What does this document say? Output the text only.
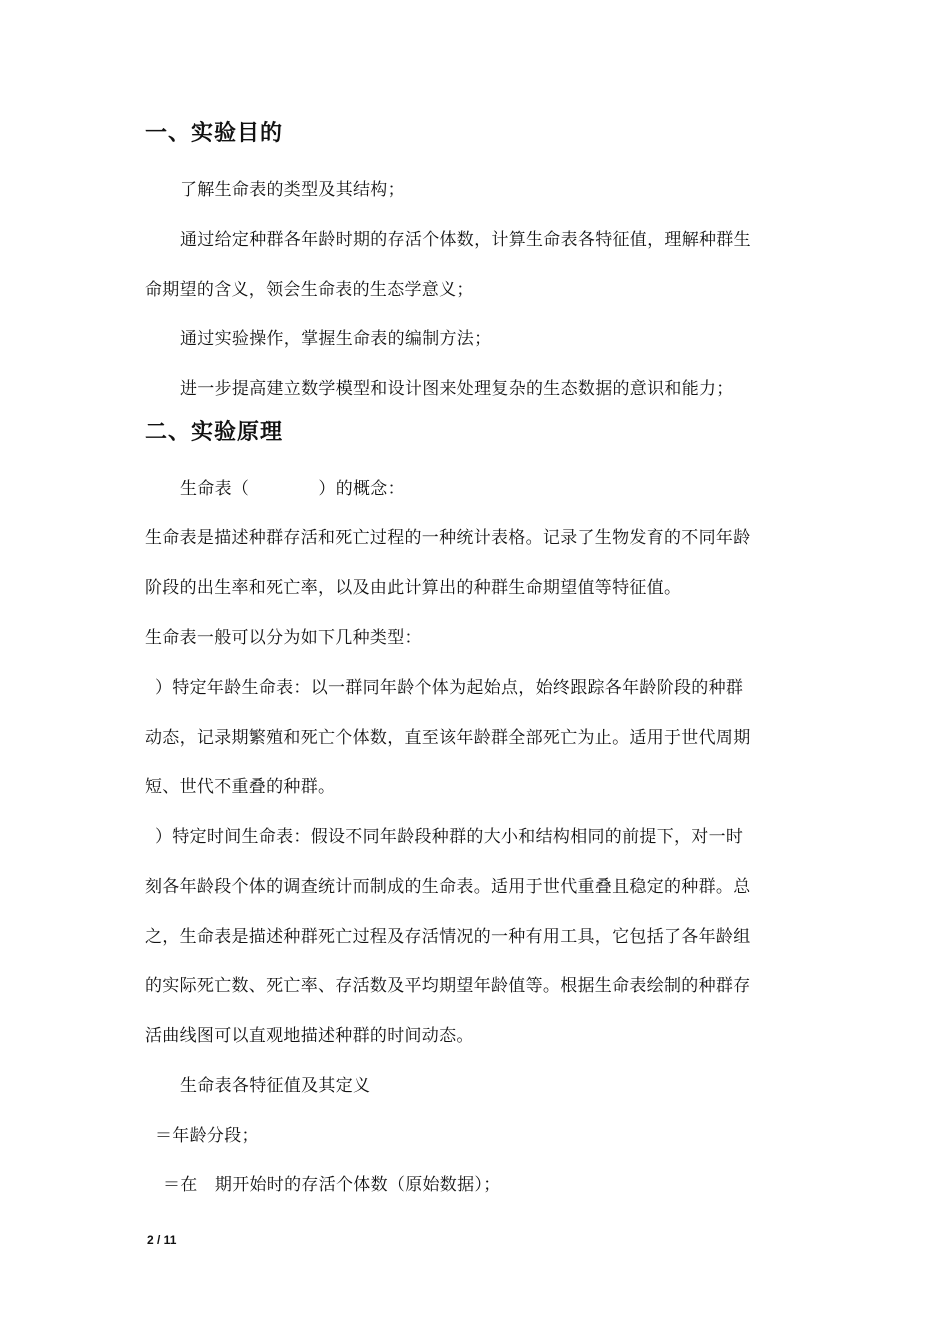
一、实验目的
了解生命表的类型及其结构；
通过给定种群各年龄时期的存活个体数，计算生命表各特征值，理解种群生
命期望的含义，领会生命表的生态学意义；
通过实验操作，掌握生命表的编制方法；
进一步提高建立数学模型和设计图来处理复杂的生态数据的意识和能力；
二、实验原理
生命表（　　　　）的概念：
生命表是描述种群存活和死亡过程的一种统计表格。记录了生物发育的不同年龄
阶段的出生率和死亡率，以及由此计算出的种群生命期望值等特征值。
生命表一般可以分为如下几种类型：
）特定年龄生命表：以一群同年龄个体为起始点，始终跟踪各年龄阶段的种群
动态，记录期繁殖和死亡个体数，直至该年龄群全部死亡为止。适用于世代周期
短、世代不重叠的种群。
）特定时间生命表：假设不同年龄段种群的大小和结构相同的前提下，对一时
刻各年龄段个体的调查统计而制成的生命表。适用于世代重叠且稳定的种群。总
之，生命表是描述种群死亡过程及存活情况的一种有用工具，它包括了各年龄组
的实际死亡数、死亡率、存活数及平均期望年龄值等。根据生命表绘制的种群存
活曲线图可以直观地描述种群的时间动态。
生命表各特征值及其定义
＝年龄分段；
＝在　期开始时的存活个体数（原始数据）；
2 / 11
